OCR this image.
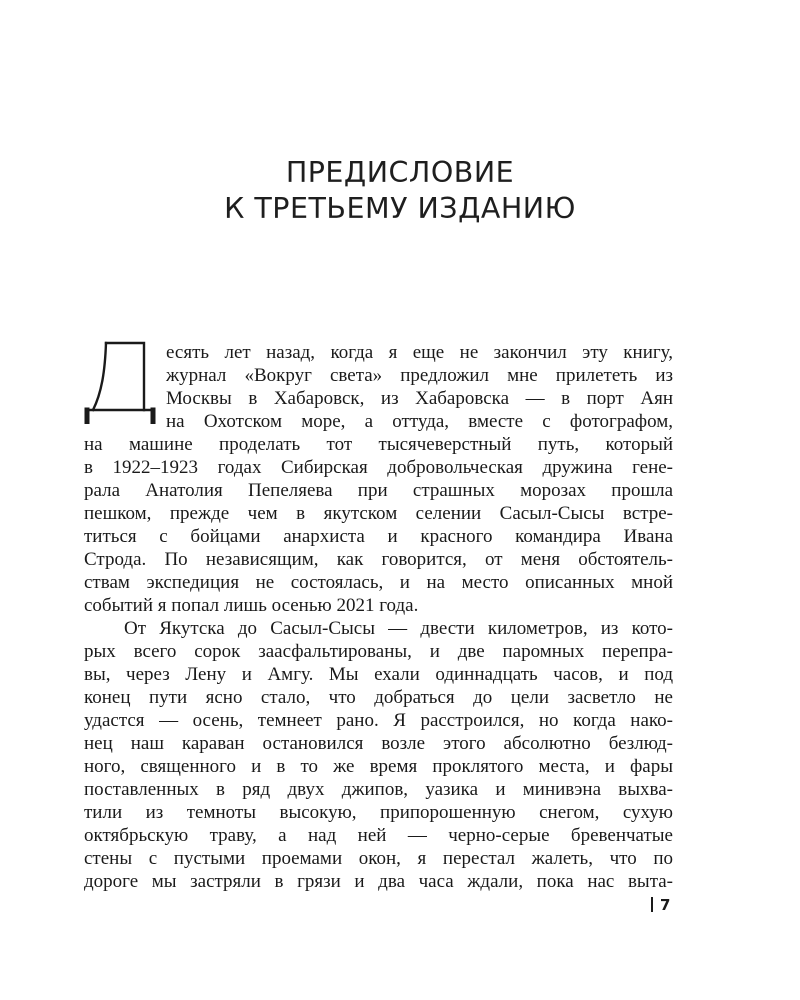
ПРЕДИСЛОВИЕ
К ТРЕТЬЕМУ ИЗДАНИЮ
есять лет назад, когда я еще не закончил эту книгу,
журнал «Вокруг света» предложил мне прилететь из
Москвы в Хабаровск, из Хабаровска — в порт Аян
на Охотском море, а оттуда, вместе с фотографом,
на машине проделать тот тысячеверстный путь, который
в 1922–1923 годах Сибирская добровольческая дружина гене-
рала Анатолия Пепеляева при страшных морозах прошла
пешком, прежде чем в якутском селении Сасыл-Сысы встре-
титься с бойцами анархиста и красного командира Ивана
Строда. По независящим, как говорится, от меня обстоятель-
ствам экспедиция не состоялась, и на место описанных мной
событий я попал лишь осенью 2021 года.
От Якутска до Сасыл-Сысы — двести километров, из кото-
рых всего сорок заасфальтированы, и две паромных перепра-
вы, через Лену и Амгу. Мы ехали одиннадцать часов, и под
конец пути ясно стало, что добраться до цели засветло не
удастся — осень, темнеет рано. Я расстроился, но когда нако-
нец наш караван остановился возле этого абсолютно безлюд-
ного, священного и в то же время проклятого места, и фары
поставленных в ряд двух джипов, уазика и минивэна выхва-
тили из темноты высокую, припорошенную снегом, сухую
октябрьскую траву, а над ней — черно-серые бревенчатые
стены с пустыми проемами окон, я перестал жалеть, что по
дороге мы застряли в грязи и два часа ждали, пока нас выта-
7
